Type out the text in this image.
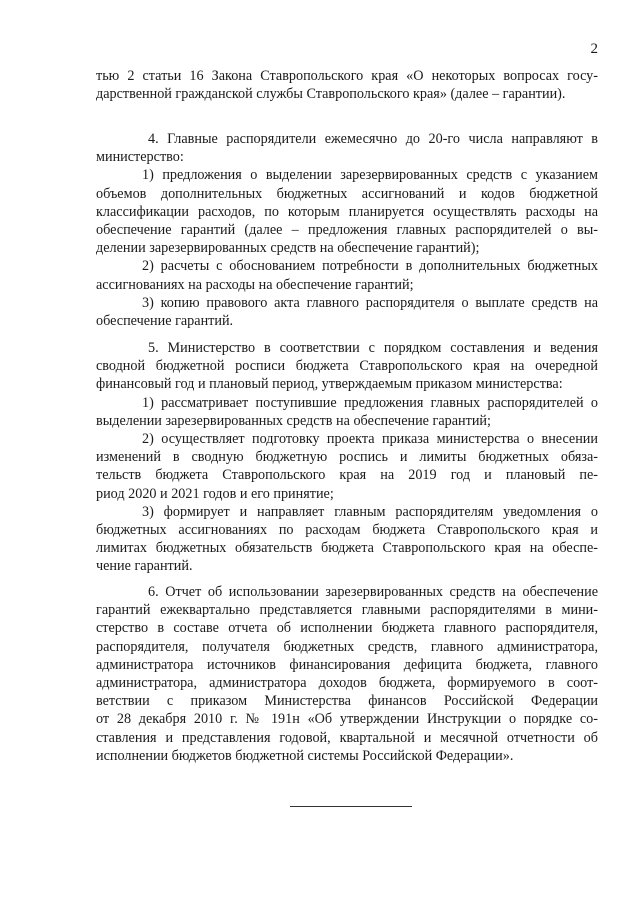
2
тью 2 статьи 16 Закона Ставропольского края «О некоторых вопросах госу-
дарственной гражданской службы Ставропольского края» (далее – гарантии).
4. Главные распорядители ежемесячно до 20-го числа направляют в
министерство:
1) предложения о выделении зарезервированных средств с указанием
объемов дополнительных бюджетных ассигнований и кодов бюджетной
классификации расходов, по которым планируется осуществлять расходы на
обеспечение гарантий (далее – предложения главных распорядителей о вы-
делении зарезервированных средств на обеспечение гарантий);
2) расчеты с обоснованием потребности в дополнительных бюджетных
ассигнованиях на расходы на обеспечение гарантий;
3) копию правового акта главного распорядителя о выплате средств на
обеспечение гарантий.
5. Министерство в соответствии с порядком составления и ведения
сводной бюджетной росписи бюджета Ставропольского края на очередной
финансовый год и плановый период, утверждаемым приказом министерства:
1) рассматривает поступившие предложения главных распорядителей о
выделении зарезервированных средств на обеспечение гарантий;
2) осуществляет подготовку проекта приказа министерства о внесении
изменений в сводную бюджетную роспись и лимиты бюджетных обяза-
тельств бюджета Ставропольского края на 2019 год и плановый пе-
риод 2020 и 2021 годов и его принятие;
3) формирует и направляет главным распорядителям уведомления о
бюджетных ассигнованиях по расходам бюджета Ставропольского края и
лимитах бюджетных обязательств бюджета Ставропольского края на обеспе-
чение гарантий.
6. Отчет об использовании зарезервированных средств на обеспечение
гарантий ежеквартально представляется главными распорядителями в мини-
стерство в составе отчета об исполнении бюджета главного распорядителя,
распорядителя, получателя бюджетных средств, главного администратора,
администратора источников финансирования дефицита бюджета, главного
администратора, администратора доходов бюджета, формируемого в соот-
ветствии с приказом Министерства финансов Российской Федерации
от 28 декабря 2010 г. № 191н «Об утверждении Инструкции о порядке со-
ставления и представления годовой, квартальной и месячной отчетности об
исполнении бюджетов бюджетной системы Российской Федерации».
